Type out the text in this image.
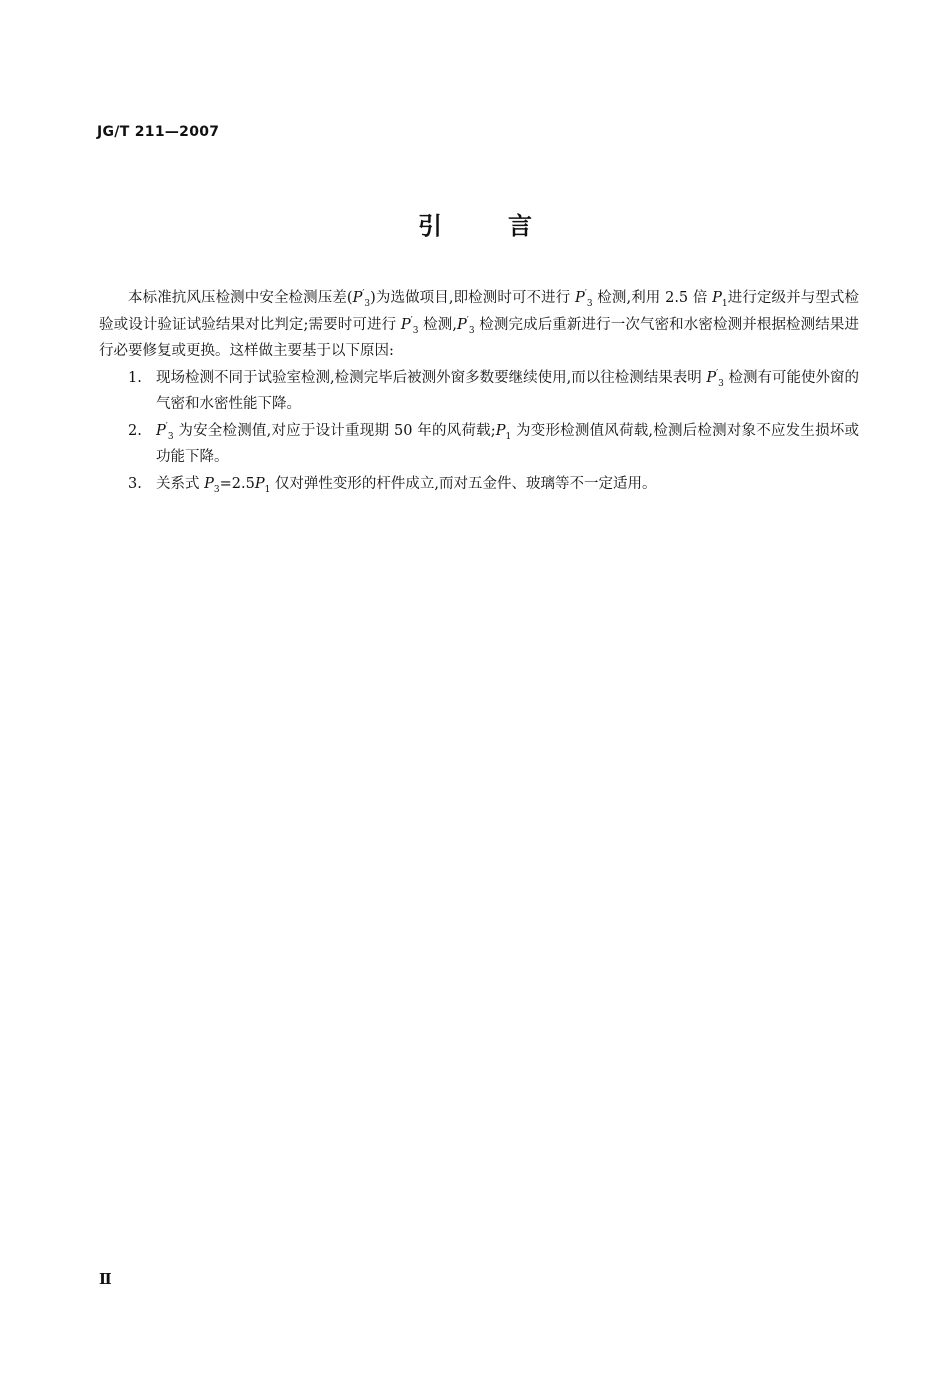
JG/T 211—2007
引	言

本标准抗风压检测中安全检测压差$(P'_3)$为选做项目,即检测时可不进行 $P'_3$ 检测,利用 2.5 倍 $P_1$进行定级并与型式检验或设计验证试验结果对比判定;需要时可进行 $P'_3$ 检测$,P'_3$ 检测完成后重新进行一次气密和水密检测并根据检测结果进行必要修复或更换。这样做主要基于以下原因:

1. 现场检测不同于试验室检测,检测完毕后被测外窗多数要继续使用,而以往检测结果表明 $P'_3$ 检测有可能使外窗的气密和水密性能下降。
2. $P'_3$ 为安全检测值,对应于设计重现期 50 年的风荷载$;P_1$ 为变形检测值风荷载,检测后检测对象不应发生损坏或功能下降。
3. 关系式 $P_3=2.5P_1$ 仅对弹性变形的杆件成立,而对五金件、玻璃等不一定适用。
Ⅱ
